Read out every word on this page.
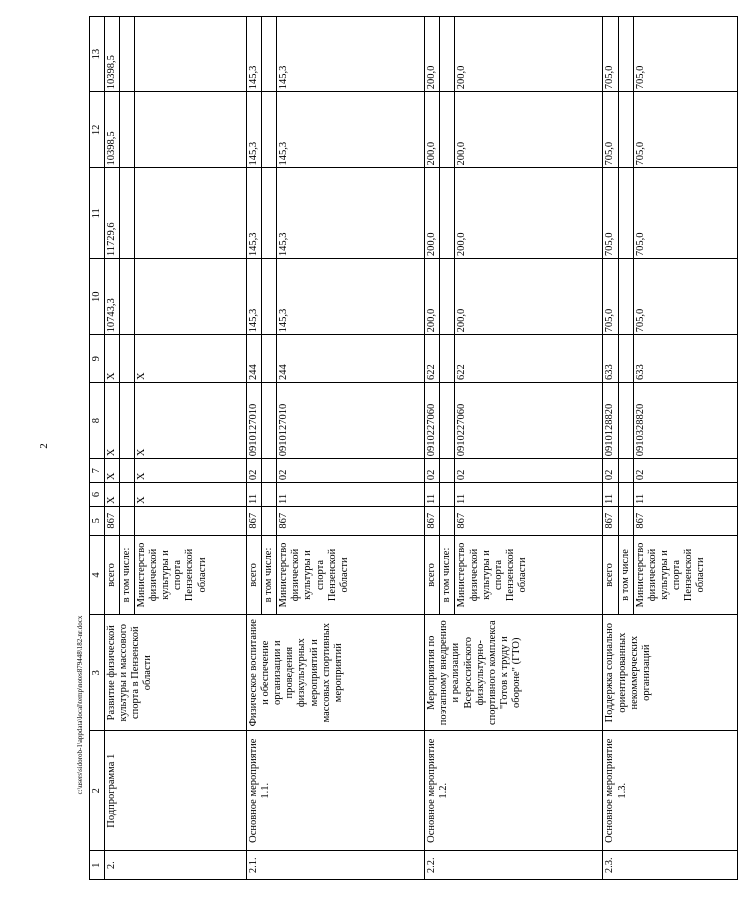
2
c:\users\sidorob-1\appdata\local\temp\notes879448\182-nr.docx
1	2	3	4	5	6	7	8	9	10	11	12	13
2.	Подпрограмма 1	Развитие физической культуры и массового спорта в Пензенской области	всего	867	Х	Х	Х	Х	10743,3	11729,6	10398,5	10398,5
			в том числе:									
			Министерство физической культуры и спорта Пензенской области		Х	Х	Х	Х				
2.1.	Основное мероприятие 1.1.	Физическое воспитание и обеспечение организации и проведения физкультурных мероприятий и массовых спортивных мероприятий	всего	867	11	02	0910127010	244	145,3	145,3	145,3	145,3
			в том числе:									
			Министерство физической культуры и спорта Пензенской области	867	11	02	0910127010	244	145,3	145,3	145,3	145,3
2.2.	Основное мероприятие 1.2.	Мероприятия по поэтапному внедрению и реализации Всероссийского физкультурно-спортивного комплекса "Готов к труду и обороне" (ГТО)	всего	867	11	02	0910227060	622	200,0	200,0	200,0	200,0
			в том числе:									
			Министерство физической культуры и спорта Пензенской области	867	11	02	0910227060	622	200,0	200,0	200,0	200,0
2.3.	Основное мероприятие 1.3.	Поддержка социально ориентированных некоммерческих организаций	всего	867	11	02	0910128820	633	705,0	705,0	705,0	705,0
			в том числе									
			Министерство физической культуры и спорта Пензенской области	867	11	02	0910328820	633	705,0	705,0	705,0	705,0
